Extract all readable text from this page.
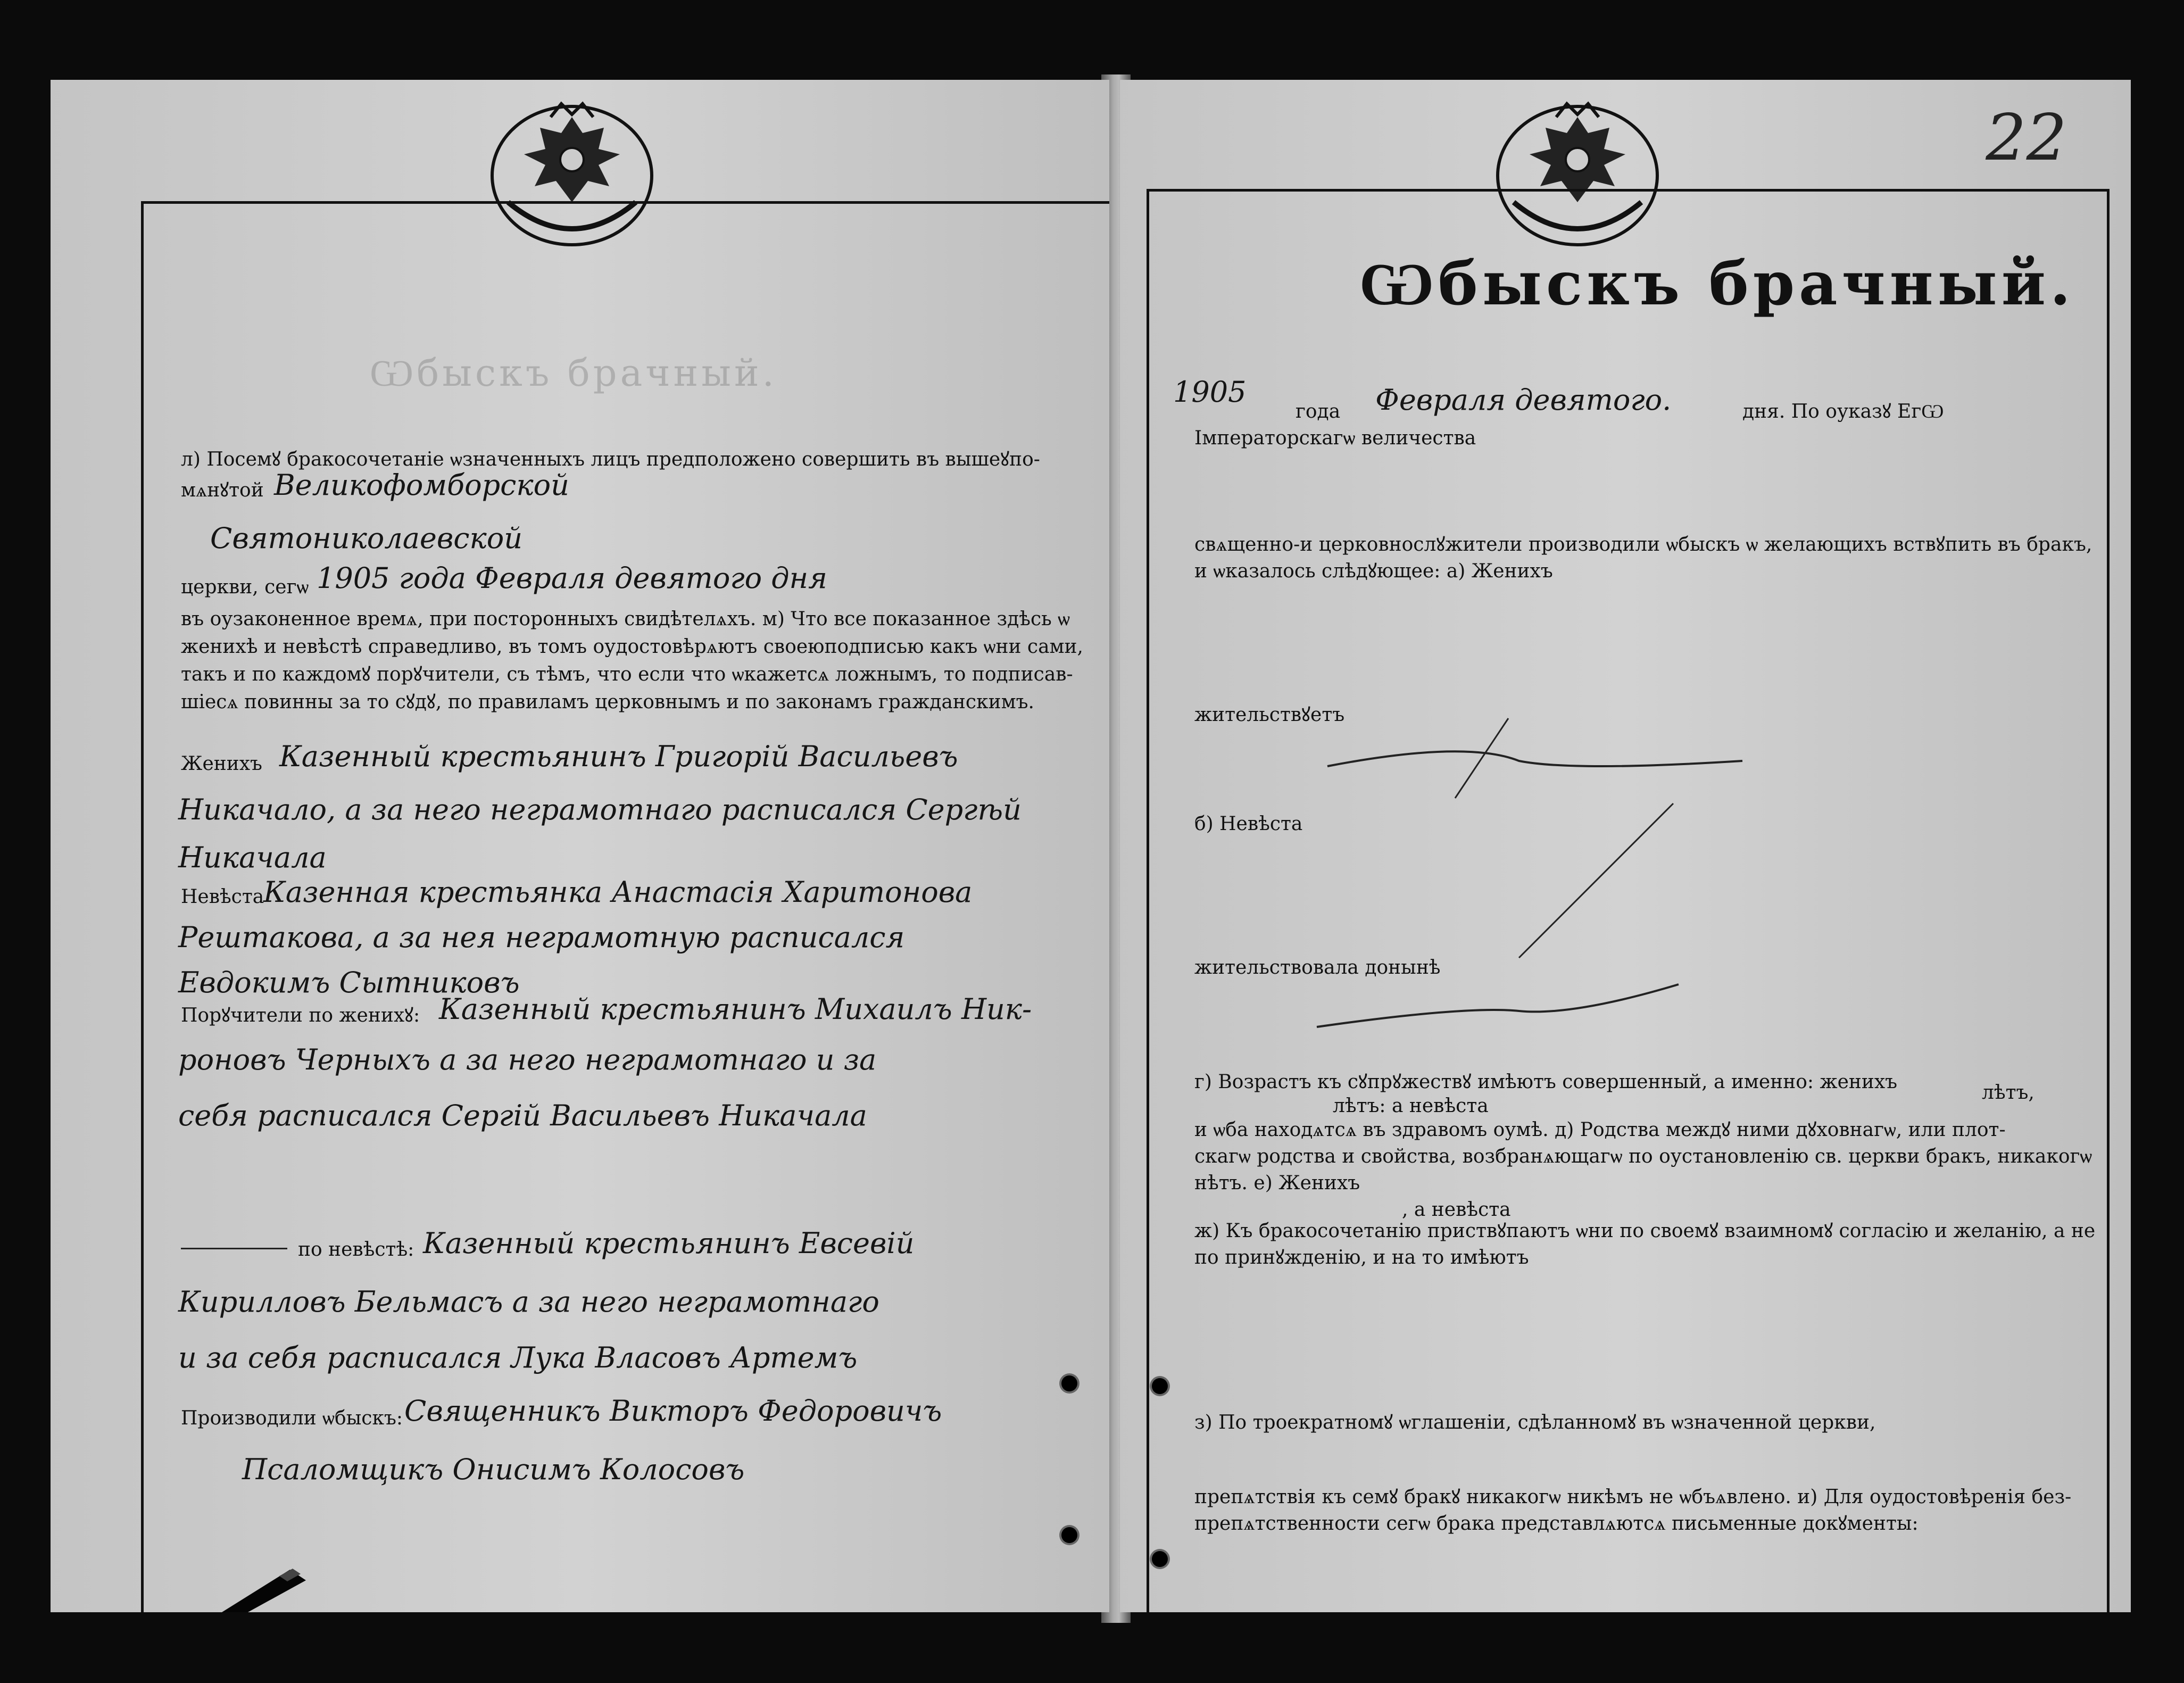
Ѡбыскъ брачный.
л) Посемꙋ бракосочетаніе ѡзначенныхъ лицъ предположено совершить въ вышеꙋпо-
мѧнꙋтой Великофомборской
Святониколаевской
церкви, сегѡ 1905 года Февраля девятого дня
въ оузаконенное времѧ, при посторонныхъ свидѣтелѧхъ. м) Что все показанное здѣсь ѡ
женихѣ и невѣстѣ справедливо, въ томъ оудостовѣрѧютъ своеюподписью какъ ѡни сами,
такъ и по каждомꙋ порꙋчители, съ тѣмъ, что если что ѡкажетсѧ ложнымъ, то подписав-
шіесѧ повинны за то сꙋдꙋ, по правиламъ церковнымъ и по законамъ гражданскимъ.
Женихъ Казенный крестьянинъ Григорій Васильевъ
Никачало, а за него неграмотнаго расписался Сергѣй
Никачала
Невѣста
Казенная крестьянка Анастасія Харитонова
Рештакова, а за нея неграмотную расписался
Евдокимъ Сытниковъ
Порꙋчители по женихꙋ: Казенный крестьянинъ Михаилъ Ник-
роновъ Черныхъ а за него неграмотнаго и за
себя расписался Сергій Васильевъ Никачала
по невѣстѣ: Казенный крестьянинъ Евсевій
Кирилловъ Бельмасъ а за него неграмотнаго
и за себя расписался Лука Власовъ Артемъ
Производили ѡбыскъ: Священникъ Викторъ Федоровичъ
Псаломщикъ Онисимъ Колосовъ
22
Ѡбыскъ брачный.
1905
года Февраля девятого.	дня. По оуказꙋ ЕгѠ
Імператорскагѡ величества
свѧщенно-и церковнослꙋжители производили ѡбыскъ ѡ желающихъ вствꙋпить въ бракъ,
и ѡказалось слѣдꙋющее: а) Женихъ
жительствꙋетъ
б) Невѣста
жительствовала донынѣ
г) Возрастъ къ сꙋпрꙋжествꙋ имѣютъ совершенный, а именно: женихъ
лѣтъ: а невѣста
лѣтъ,
и ѡба находѧтсѧ въ здравомъ оумѣ. д) Родства междꙋ ними дꙋховнагѡ, или плот-
скагѡ родства и свойства, возбранѧющагѡ по оустановленію св. церкви бракъ, никакогѡ
нѣтъ. е) Женихъ
, а невѣста
ж) Къ бракосочетанію приствꙋпаютъ ѡни по своемꙋ взаимномꙋ согласію и желанію, а не
по принꙋжденію, и на то имѣютъ
з) По троекратномꙋ ѡглашеніи, сдѣланномꙋ въ ѡзначенной церкви,
препѧтствія къ семꙋ бракꙋ никакогѡ никѣмъ не ѡбъѧвлено. и) Для оудостовѣренія без-
препѧтственности сегѡ брака представлѧютсѧ письменные докꙋменты:
